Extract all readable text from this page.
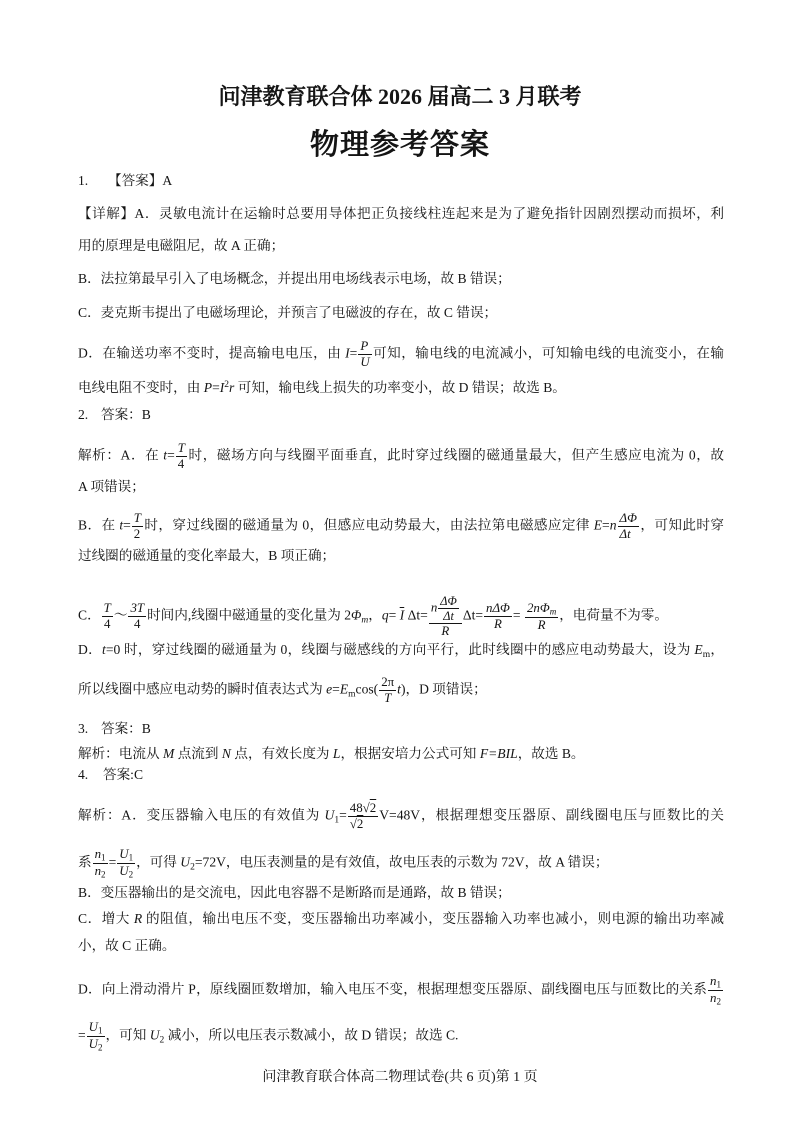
问津教育联合体 2026 届高二 3 月联考
物理参考答案
1. 【答案】A
【详解】A．灵敏电流计在运输时总要用导体把正负接线柱连起来是为了避免指针因剧烈摆动而损坏，利
用的原理是电磁阻尼，故 A 正确；
B．法拉第最早引入了电场概念，并提出用电场线表示电场，故 B 错误；
C．麦克斯韦提出了电磁场理论，并预言了电磁波的存在，故 C 错误；
D．在输送功率不变时，提高输电电压，由 $I= \frac{P}{U}$ 可知，输电线的电流减小，可知输电线的电流变小，在输
电线电阻不变时，由 $P=I^2r$ 可知，输电线上损失的功率变小，故 D 错误；故选 B。
2. 答案：B
解析：A．在 $t= \frac{T}{4}$ 时，磁场方向与线圈平面垂直，此时穿过线圈的磁通量最大，但产生感应电流为 0，故
A 项错误；
B．在 $t= \frac{T}{2}$ 时，穿过线圈的磁通量为 0，但感应电动势最大，由法拉第电磁感应定律 $E=n \frac{\Delta\Phi}{\Delta t}$ ，可知此时穿
过线圈的磁通量的变化率最大，B 项正确；
C． $\frac{T}{4}$ ～ $\frac{3T}{4}$ 时间内,线圈中磁通量的变化量为 $2\Phi_m$，$q= \overline{I}$ $\Delta t= \frac{n \frac{\Delta\Phi}{\Delta t}}{R} \Delta t= \frac{\text{nΔΦ}}{R} = \frac{2n\Phi_m}{R}$ ，电荷量不为零。
D．t=0 时，穿过线圈的磁通量为 0，线圈与磁感线的方向平行，此时线圈中的感应电动势最大，设为 $E_m$，
所以线圈中感应电动势的瞬时值表达式为 $e=E_m\cos( \frac{2\pi}{T} t)$，D 项错误；
3. 答案：B
解析：电流从 M 点流到 N 点，有效长度为 L，根据安培力公式可知 F=BIL，故选 B。
4. 答案:C
解析：A．变压器输入电压的有效值为 $U_1= \frac{48√2}{√2} V=48V$，根据理想变压器原、副线圈电压与匝数比的关
系 $\frac{n_1}{n_2} = \frac{U_1}{U_2}$ ，可得 $U_2=72V$，电压表测量的是有效值，故电压表的示数为 72V，故 A 错误；
B．变压器输出的是交流电，因此电容器不是断路而是通路，故 B 错误；
C．增大 R 的阻值，输出电压不变，变压器输出功率减小，变压器输入功率也减小，则电源的输出功率减
小，故 C 正确。
D．向上滑动滑片 P，原线圈匝数增加，输入电压不变，根据理想变压器原、副线圈电压与匝数比的关系 $\frac{n_1}{n_2}$
= $\frac{U_1}{U_2}$ ，可知 $U_2$ 减小，所以电压表示数减小，故 D 错误；故选 C.
问津教育联合体高二物理试卷(共 6 页)第 1 页
